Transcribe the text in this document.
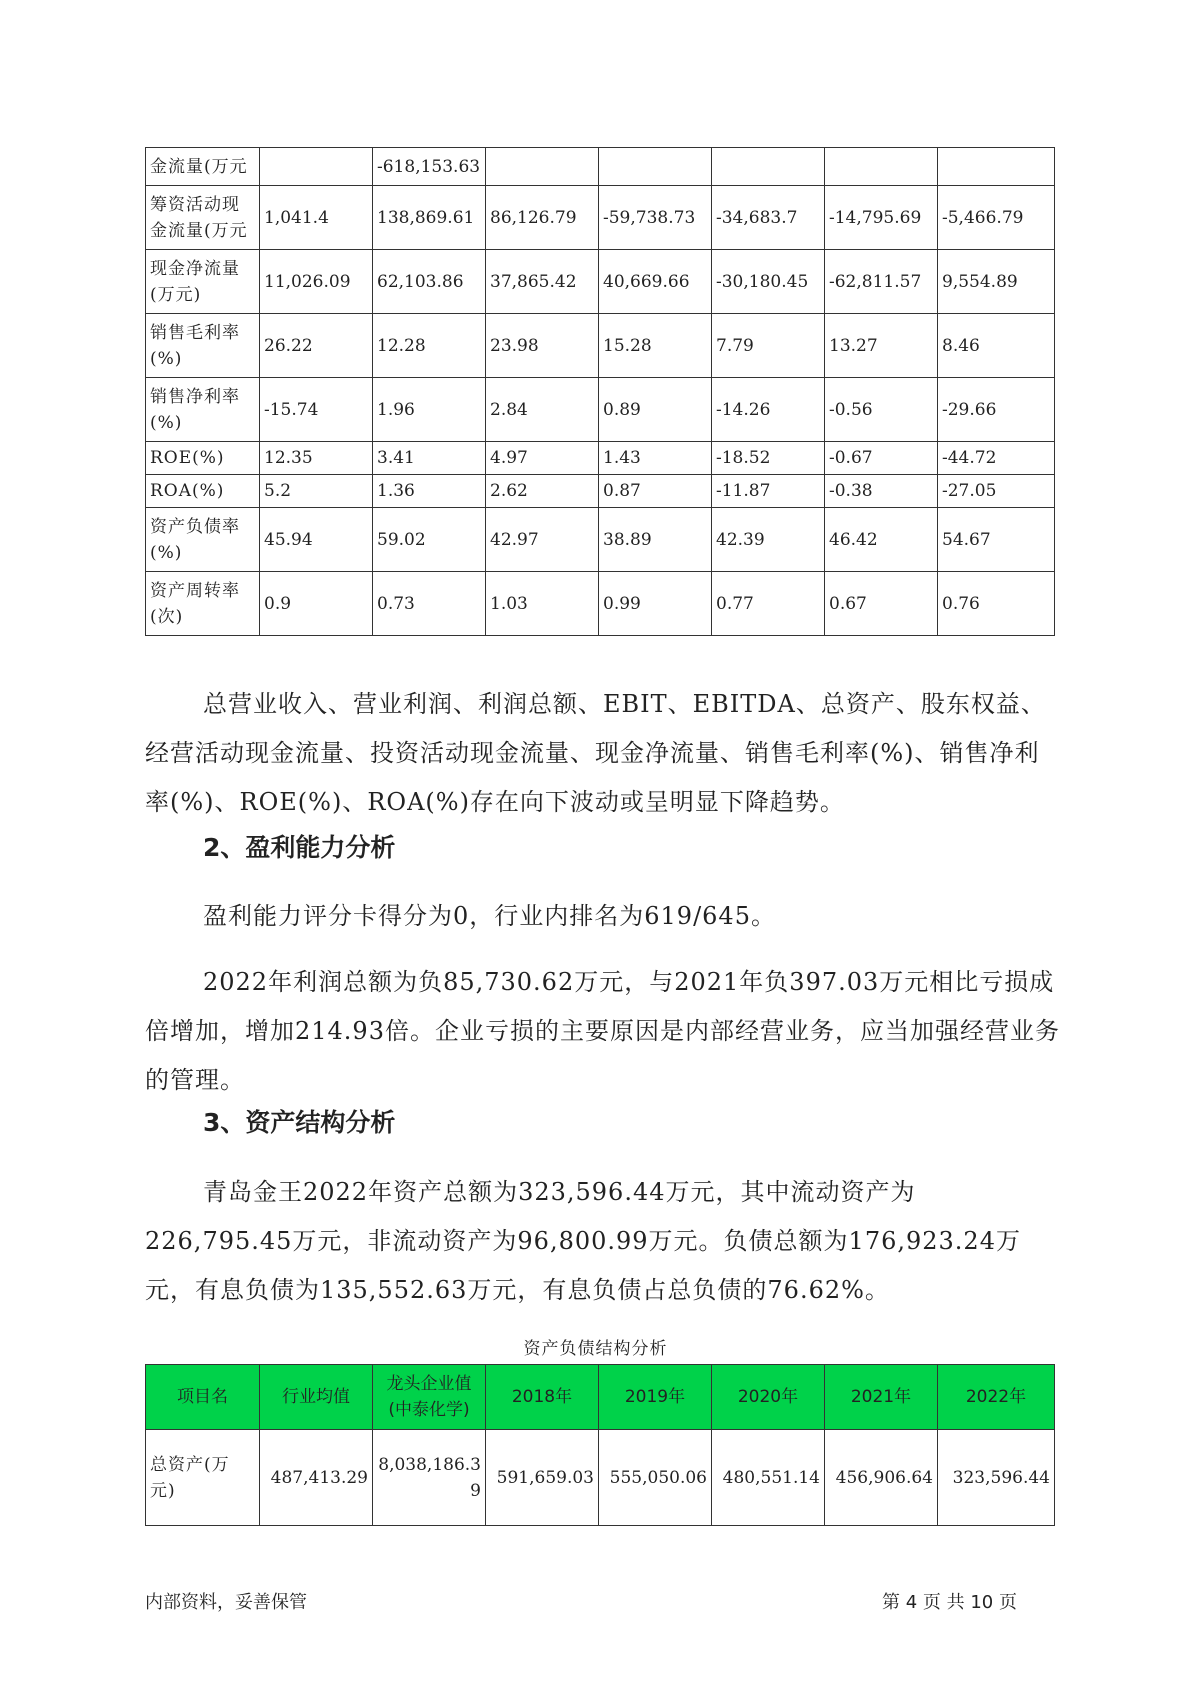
金流量(万元		-618,153.63					
筹资活动现金流量(万元	1,041.4	138,869.61	86,126.79	-59,738.73	-34,683.7	-14,795.69	-5,466.79
现金净流量(万元)	11,026.09	62,103.86	37,865.42	40,669.66	-30,180.45	-62,811.57	9,554.89
销售毛利率(%)	26.22	12.28	23.98	15.28	7.79	13.27	8.46
销售净利率(%)	-15.74	1.96	2.84	0.89	-14.26	-0.56	-29.66
ROE(%)	12.35	3.41	4.97	1.43	-18.52	-0.67	-44.72
ROA(%)	5.2	1.36	2.62	0.87	-11.87	-0.38	-27.05
资产负债率(%)	45.94	59.02	42.97	38.89	42.39	46.42	54.67
资产周转率(次)	0.9	0.73	1.03	0.99	0.77	0.67	0.76

总营业收入、营业利润、利润总额、EBIT、EBITDA、总资产、股东权益、经营活动现金流量、投资活动现金流量、现金净流量、销售毛利率(%)、销售净利率(%)、ROE(%)、ROA(%)存在向下波动或呈明显下降趋势。

2、盈利能力分析

盈利能力评分卡得分为0，行业内排名为619/645。

2022年利润总额为负85,730.62万元，与2021年负397.03万元相比亏损成倍增加，增加214.93倍。企业亏损的主要原因是内部经营业务，应当加强经营业务的管理。

3、资产结构分析

青岛金王2022年资产总额为323,596.44万元，其中流动资产为226,795.45万元，非流动资产为96,800.99万元。负债总额为176,923.24万元，有息负债为135,552.63万元，有息负债占总负债的76.62%。

资产负债结构分析
项目名	行业均值	龙头企业值(中泰化学)	2018年	2019年	2020年	2021年	2022年
总资产(万元)	487,413.29	8,038,186.39	591,659.03	555,050.06	480,551.14	456,906.64	323,596.44
内部资料，妥善保管	第 4 页 共 10 页
